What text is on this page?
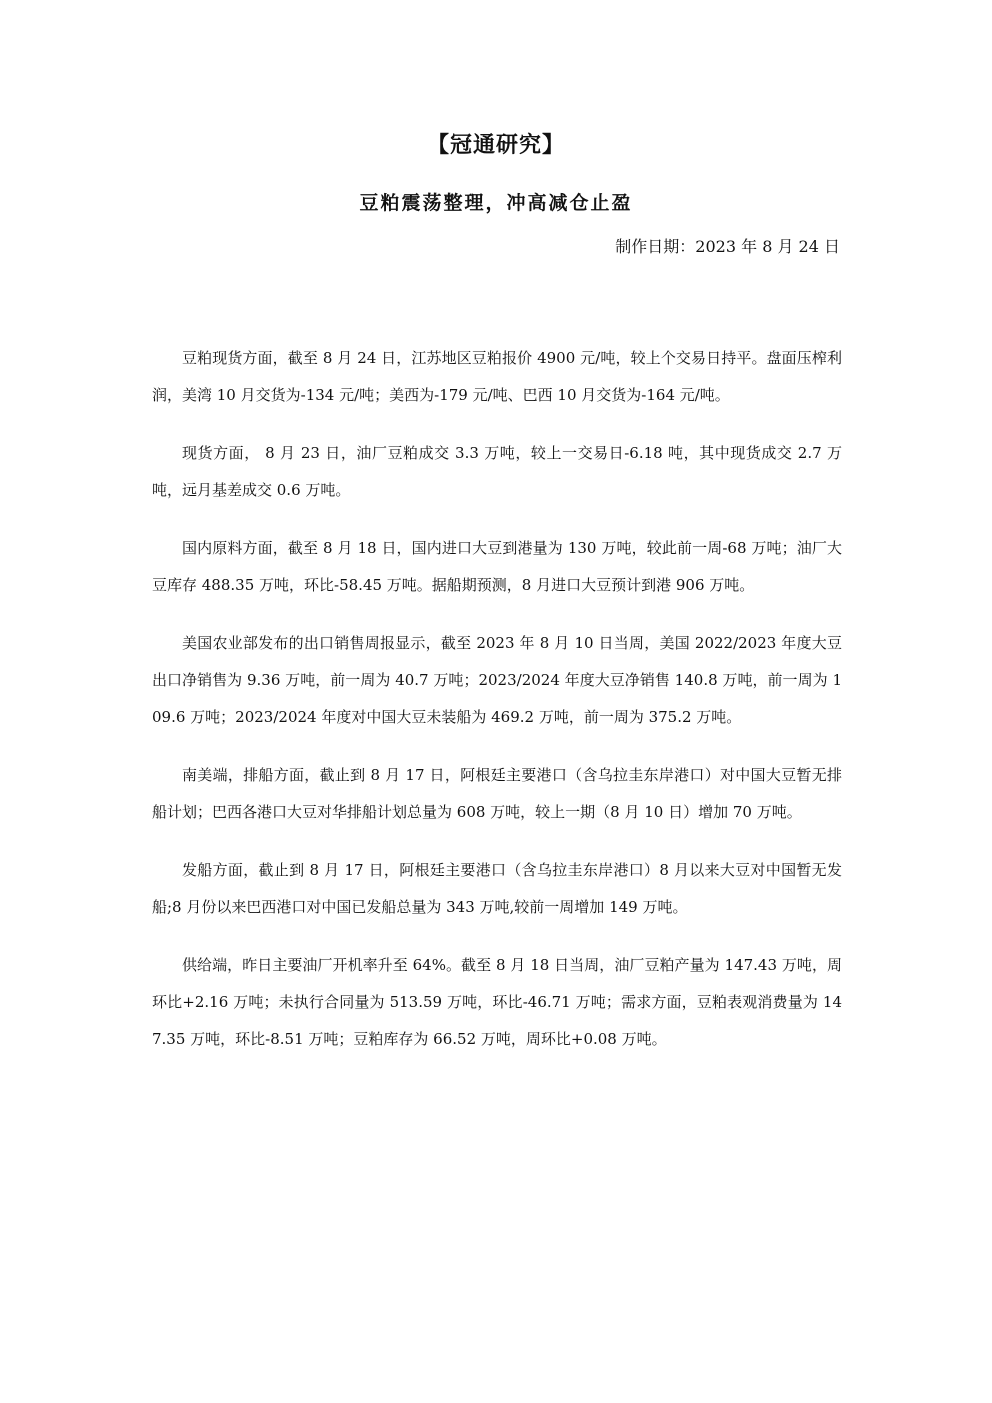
【冠通研究】
豆粕震荡整理，冲高减仓止盈
制作日期：2023 年 8 月 24 日

豆粕现货方面，截至 8 月 24 日，江苏地区豆粕报价 4900 元/吨，较上个交易日持平。盘面压榨利润，美湾 10 月交货为-134 元/吨；美西为-179 元/吨、巴西 10 月交货为-164 元/吨。

现货方面， 8 月 23 日，油厂豆粕成交 3.3 万吨，较上一交易日-6.18 吨，其中现货成交 2.7 万吨，远月基差成交 0.6 万吨。

国内原料方面，截至 8 月 18 日，国内进口大豆到港量为 130 万吨，较此前一周-68 万吨；油厂大豆库存 488.35 万吨，环比-58.45 万吨。据船期预测，8 月进口大豆预计到港 906 万吨。

美国农业部发布的出口销售周报显示，截至 2023 年 8 月 10 日当周，美国 2022/2023 年度大豆出口净销售为 9.36 万吨，前一周为 40.7 万吨；2023/2024 年度大豆净销售 140.8 万吨，前一周为 109.6 万吨；2023/2024 年度对中国大豆未装船为 469.2 万吨，前一周为 375.2 万吨。

南美端，排船方面，截止到 8 月 17 日，阿根廷主要港口（含乌拉圭东岸港口）对中国大豆暂无排船计划；巴西各港口大豆对华排船计划总量为 608 万吨，较上一期（8 月 10 日）增加 70 万吨。

发船方面，截止到 8 月 17 日，阿根廷主要港口（含乌拉圭东岸港口）8 月以来大豆对中国暂无发船;8 月份以来巴西港口对中国已发船总量为 343 万吨,较前一周增加 149 万吨。

供给端，昨日主要油厂开机率升至 64%。截至 8 月 18 日当周，油厂豆粕产量为 147.43 万吨，周环比+2.16 万吨；未执行合同量为 513.59 万吨，环比-46.71 万吨；需求方面，豆粕表观消费量为 147.35 万吨，环比-8.51 万吨；豆粕库存为 66.52 万吨，周环比+0.08 万吨。
